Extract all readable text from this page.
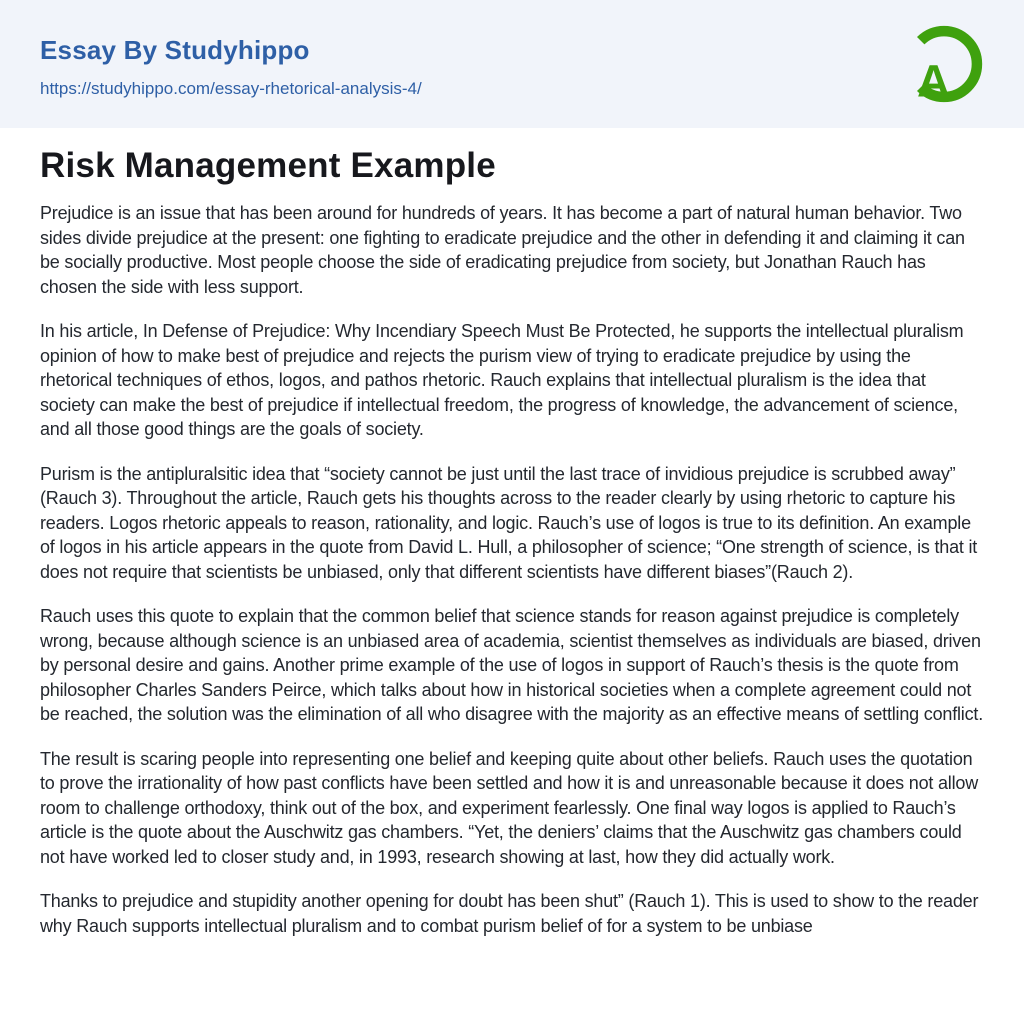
Essay By Studyhippo
https://studyhippo.com/essay-rhetorical-analysis-4/	A
Risk Management Example

Prejudice is an issue that has been around for hundreds of years. It has become a part of natural human behavior. Two sides divide prejudice at the present: one fighting to eradicate prejudice and the other in defending it and claiming it can be socially productive. Most people choose the side of eradicating prejudice from society, but Jonathan Rauch has chosen the side with less support.

In his article, In Defense of Prejudice: Why Incendiary Speech Must Be Protected, he supports the intellectual pluralism opinion of how to make best of prejudice and rejects the purism view of trying to eradicate prejudice by using the rhetorical techniques of ethos, logos, and pathos rhetoric. Rauch explains that intellectual pluralism is the idea that society can make the best of prejudice if intellectual freedom, the progress of knowledge, the advancement of science, and all those good things are the goals of society.

Purism is the antipluralsitic idea that “society cannot be just until the last trace of invidious prejudice is scrubbed away” (Rauch 3). Throughout the article, Rauch gets his thoughts across to the reader clearly by using rhetoric to capture his readers. Logos rhetoric appeals to reason, rationality, and logic. Rauch’s use of logos is true to its definition. An example of logos in his article appears in the quote from David L. Hull, a philosopher of science; “One strength of science, is that it does not require that scientists be unbiased, only that different scientists have different biases”(Rauch 2).

Rauch uses this quote to explain that the common belief that science stands for reason against prejudice is completely wrong, because although science is an unbiased area of academia, scientist themselves as individuals are biased, driven by personal desire and gains. Another prime example of the use of logos in support of Rauch’s thesis is the quote from philosopher Charles Sanders Peirce, which talks about how in historical societies when a complete agreement could not be reached, the solution was the elimination of all who disagree with the majority as an effective means of settling conflict.

The result is scaring people into representing one belief and keeping quite about other beliefs. Rauch uses the quotation to prove the irrationality of how past conflicts have been settled and how it is and unreasonable because it does not allow room to challenge orthodoxy, think out of the box, and experiment fearlessly. One final way logos is applied to Rauch’s article is the quote about the Auschwitz gas chambers. “Yet, the deniers’ claims that the Auschwitz gas chambers could not have worked led to closer study and, in 1993, research showing at last, how they did actually work.

Thanks to prejudice and stupidity another opening for doubt has been shut” (Rauch 1). This is used to show to the reader why Rauch supports intellectual pluralism and to combat purism belief of for a system to be unbiase
